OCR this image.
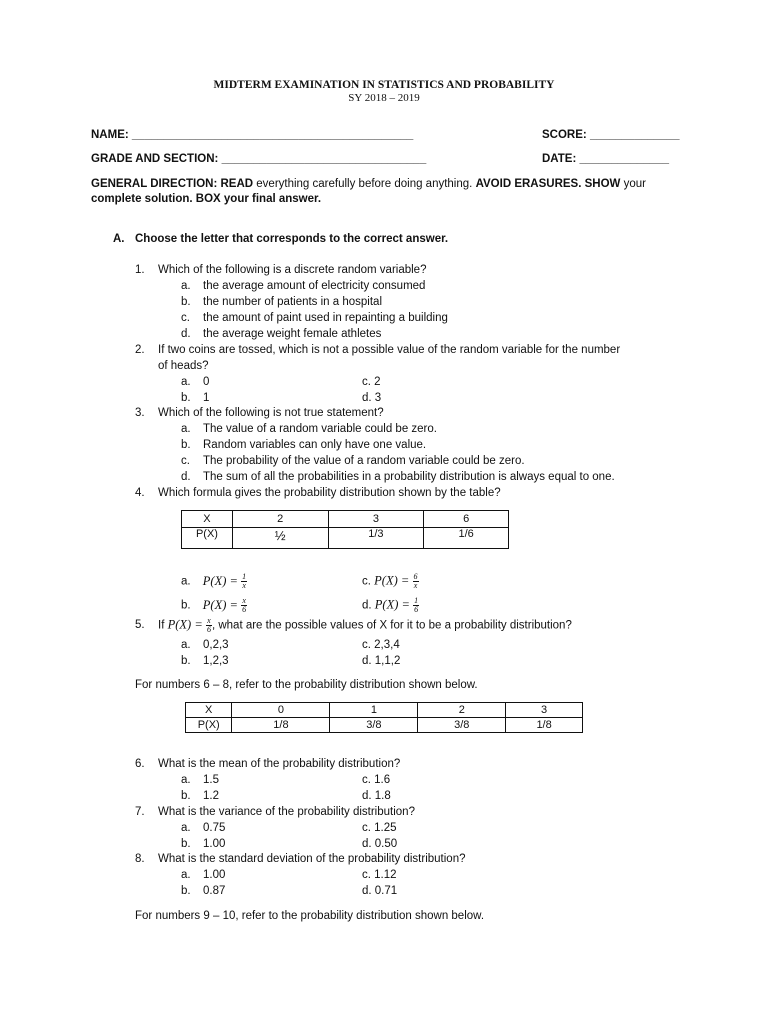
MIDTERM EXAMINATION IN STATISTICS AND PROBABILITY
SY 2018 – 2019
NAME: ____________________________________________	SCORE: ______________
GRADE AND SECTION: ________________________________	DATE: ______________
GENERAL DIRECTION: READ everything carefully before doing anything. AVOID ERASURES. SHOW your
complete solution. BOX your final answer.
A. Choose the letter that corresponds to the correct answer.
1. Which of the following is a discrete random variable?
a. the average amount of electricity consumed
b. the number of patients in a hospital
c. the amount of paint used in repainting a building
d. the average weight female athletes
2. If two coins are tossed, which is not a possible value of the random variable for the number
of heads?
a. 0	c. 2
b. 1	d. 3
3. Which of the following is not true statement?
a. The value of a random variable could be zero.
b. Random variables can only have one value.
c. The probability of the value of a random variable could be zero.
d. The sum of all the probabilities in a probability distribution is always equal to one.
4. Which formula gives the probability distribution shown by the table?
X	2	3	6
P(X)	½	1/3	1/6
a. $P(X) = \frac{1}{x}$	c. $P(X) = \frac{6}{x}$
b. $P(X) = \frac{x}{6}$	d. $P(X) = \frac{1}{6}$
5. If $P(X) = \frac{x}{6}$ , what are the possible values of X for it to be a probability distribution?
a. 0,2,3	c. 2,3,4
b. 1,2,3	d. 1,1,2
For numbers 6 – 8, refer to the probability distribution shown below.
X	0	1	2	3
P(X)	1/8	3/8	3/8	1/8
6. What is the mean of the probability distribution?
a. 1.5	c. 1.6
b. 1.2	d. 1.8
7. What is the variance of the probability distribution?
a. 0.75	c. 1.25
b. 1.00	d. 0.50
8. What is the standard deviation of the probability distribution?
a. 1.00	c. 1.12
b. 0.87	d. 0.71
For numbers 9 – 10, refer to the probability distribution shown below.
